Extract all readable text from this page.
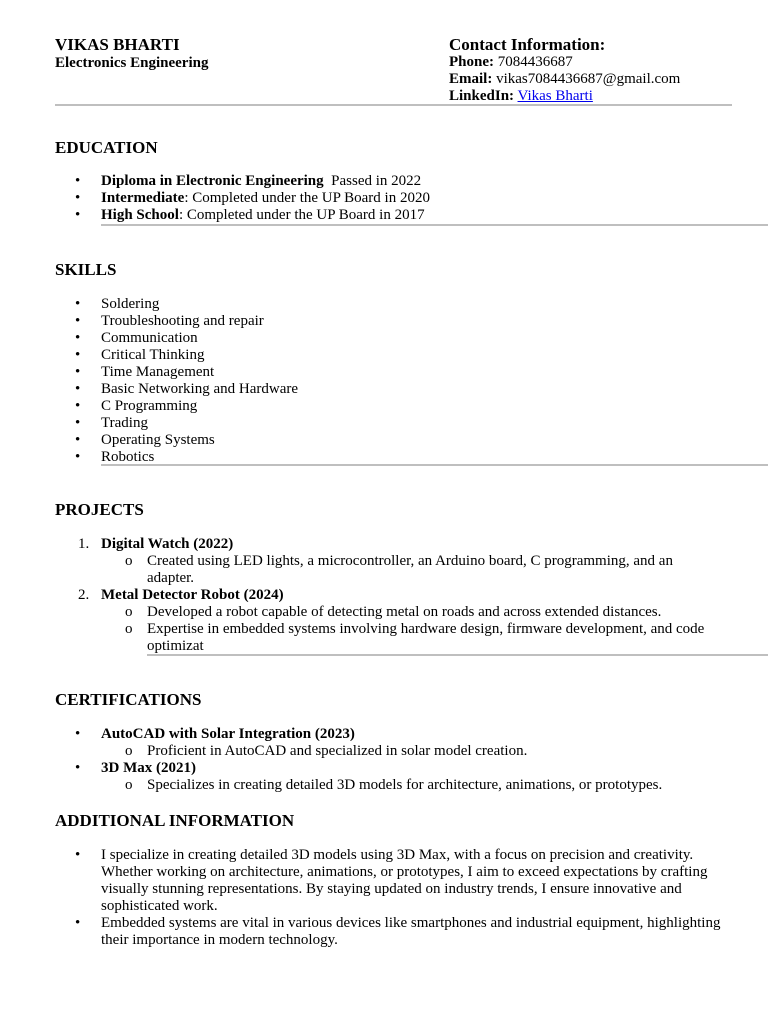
VIKAS BHARTI
Electronics Engineering
Contact Information:
Phone: 7084436687
Email: vikas7084436687@gmail.com
LinkedIn: Vikas Bharti
EDUCATION
• Diploma in Electronic Engineering  Passed in 2022
• Intermediate: Completed under the UP Board in 2020
• High School: Completed under the UP Board in 2017
SKILLS
• Soldering
• Troubleshooting and repair
• Communication
• Critical Thinking
• Time Management
• Basic Networking and Hardware
• C Programming
• Trading
• Operating Systems
• Robotics
PROJECTS
1. Digital Watch (2022)
o Created using LED lights, a microcontroller, an Arduino board, C programming, and an adapter.
2. Metal Detector Robot (2024)
o Developed a robot capable of detecting metal on roads and across extended distances.
o Expertise in embedded systems involving hardware design, firmware development, and code optimizat
CERTIFICATIONS
• AutoCAD with Solar Integration (2023)
o Proficient in AutoCAD and specialized in solar model creation.
• 3D Max (2021)
o Specializes in creating detailed 3D models for architecture, animations, or prototypes.
ADDITIONAL INFORMATION
• I specialize in creating detailed 3D models using 3D Max, with a focus on precision and creativity. Whether working on architecture, animations, or prototypes, I aim to exceed expectations by crafting visually stunning representations. By staying updated on industry trends, I ensure innovative and sophisticated work.
• Embedded systems are vital in various devices like smartphones and industrial equipment, highlighting their importance in modern technology.
